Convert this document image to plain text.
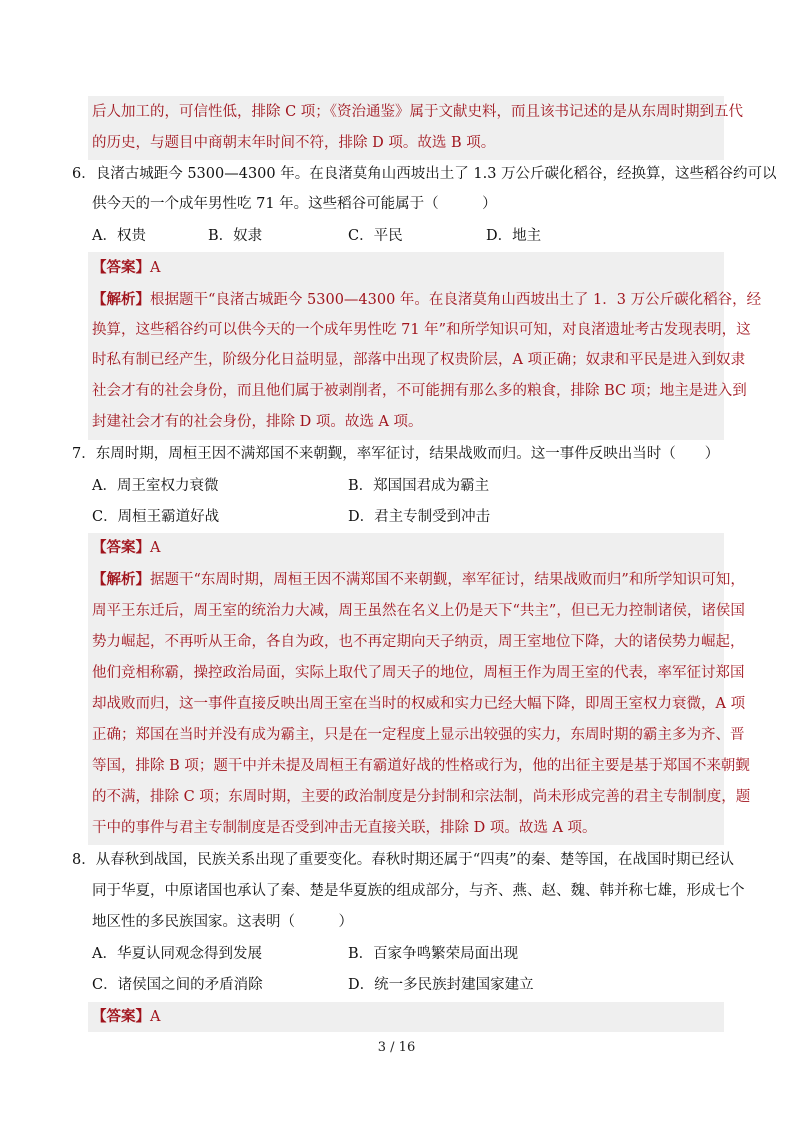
后人加工的，可信性低，排除 C 项；《资治通鉴》属于文献史料，而且该书记述的是从东周时期到五代
的历史，与题目中商朝末年时间不符，排除 D 项。故选 B 项。
6．良渚古城距今 5300—4300 年。在良渚莫角山西坡出土了 1.3 万公斤碳化稻谷，经换算，这些稻谷约可以
供今天的一个成年男性吃 71 年。这些稻谷可能属于（　　　）
A．权贵	B．奴隶	C．平民	D．地主
【答案】A
【解析】根据题干“良渚古城距今 5300—4300 年。在良渚莫角山西坡出土了 1．3 万公斤碳化稻谷，经
换算，这些稻谷约可以供今天的一个成年男性吃 71 年”和所学知识可知，对良渚遗址考古发现表明，这
时私有制已经产生，阶级分化日益明显，部落中出现了权贵阶层，A 项正确；奴隶和平民是进入到奴隶
社会才有的社会身份，而且他们属于被剥削者，不可能拥有那么多的粮食，排除 BC 项；地主是进入到
封建社会才有的社会身份，排除 D 项。故选 A 项。
7．东周时期，周桓王因不满郑国不来朝觐，率军征讨，结果战败而归。这一事件反映出当时（　　）
A．周王室权力衰微	B．郑国国君成为霸主
C．周桓王霸道好战	D．君主专制受到冲击
【答案】A
【解析】据题干“东周时期，周桓王因不满郑国不来朝觐，率军征讨，结果战败而归”和所学知识可知，
周平王东迁后，周王室的统治力大减，周王虽然在名义上仍是天下“共主”，但已无力控制诸侯，诸侯国
势力崛起，不再听从王命，各自为政，也不再定期向天子纳贡，周王室地位下降，大的诸侯势力崛起，
他们竞相称霸，操控政治局面，实际上取代了周天子的地位，周桓王作为周王室的代表，率军征讨郑国
却战败而归，这一事件直接反映出周王室在当时的权威和实力已经大幅下降，即周王室权力衰微，A 项
正确；郑国在当时并没有成为霸主，只是在一定程度上显示出较强的实力，东周时期的霸主多为齐、晋
等国，排除 B 项；题干中并未提及周桓王有霸道好战的性格或行为，他的出征主要是基于郑国不来朝觐
的不满，排除 C 项；东周时期，主要的政治制度是分封制和宗法制，尚未形成完善的君主专制制度，题
干中的事件与君主专制制度是否受到冲击无直接关联，排除 D 项。故选 A 项。
8．从春秋到战国，民族关系出现了重要变化。春秋时期还属于“四夷”的秦、楚等国，在战国时期已经认
同于华夏，中原诸国也承认了秦、楚是华夏族的组成部分，与齐、燕、赵、魏、韩并称七雄，形成七个
地区性的多民族国家。这表明（　　　）
A．华夏认同观念得到发展	B．百家争鸣繁荣局面出现
C．诸侯国之间的矛盾消除	D．统一多民族封建国家建立
【答案】A
3 / 16
